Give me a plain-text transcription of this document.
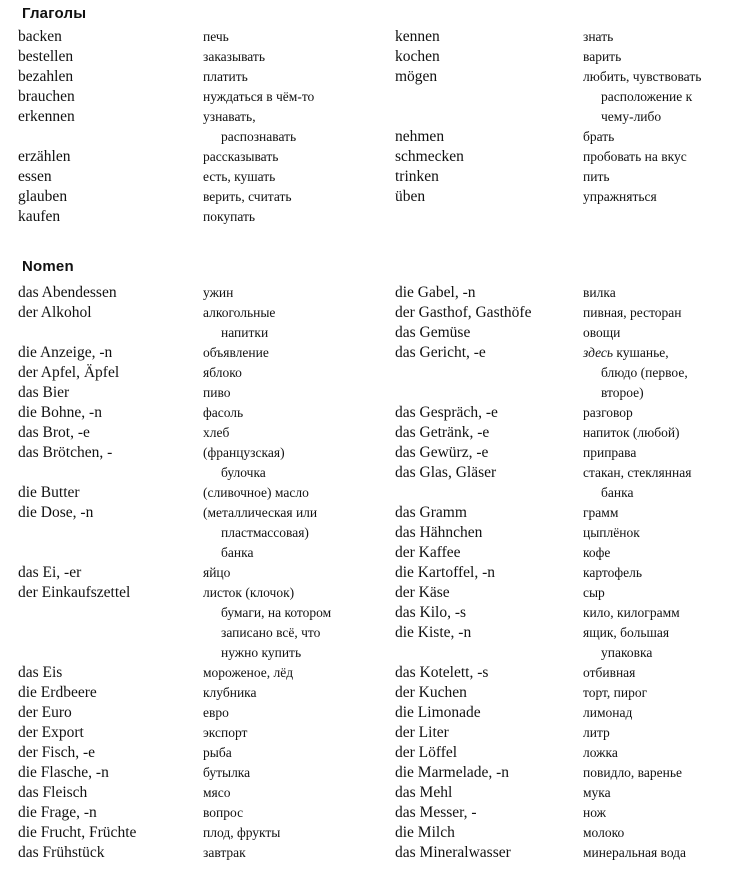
Глаголы
backen
bestellen
bezahlen
brauchen
erkennen
erzählen
essen
glauben
kaufen
печь
заказывать
платить
нуждаться в чём-то
узнавать,
распознавать
рассказывать
есть, кушать
верить, считать
покупать
kennen
kochen
mögen
nehmen
schmecken
trinken
üben
знать
варить
любить, чувствовать
расположение к
чему-либо
брать
пробовать на вкус
пить
упражняться
Nomen
das Abendessen
der Alkohol
die Anzeige, -n
der Apfel, Äpfel
das Bier
die Bohne, -n
das Brot, -e
das Brötchen, -
die Butter
die Dose, -n
das Ei, -er
der Einkaufszettel
das Eis
die Erdbeere
der Euro
der Export
der Fisch, -e
die Flasche, -n
das Fleisch
die Frage, -n
die Frucht, Früchte
das Frühstück
ужин
алкогольные
напитки
объявление
яблоко
пиво
фасоль
хлеб
(французская)
булочка
(сливочное) масло
(металлическая или
пластмассовая)
банка
яйцо
листок (клочок)
бумаги, на котором
записано всё, что
нужно купить
мороженое, лёд
клубника
евро
экспорт
рыба
бутылка
мясо
вопрос
плод, фрукты
завтрак
die Gabel, -n
der Gasthof, Gasthöfe
das Gemüse
das Gericht, -e
das Gespräch, -e
das Getränk, -e
das Gewürz, -e
das Glas, Gläser
das Gramm
das Hähnchen
der Kaffee
die Kartoffel, -n
der Käse
das Kilo, -s
die Kiste, -n
das Kotelett, -s
der Kuchen
die Limonade
der Liter
der Löffel
die Marmelade, -n
das Mehl
das Messer, -
die Milch
das Mineralwasser
вилка
пивная, ресторан
овощи
здесь кушанье,
блюдо (первое,
второе)
разговор
напиток (любой)
приправа
стакан, стеклянная
банка
грамм
цыплёнок
кофе
картофель
сыр
кило, килограмм
ящик, большая
упаковка
отбивная
торт, пирог
лимонад
литр
ложка
повидло, варенье
мука
нож
молоко
минеральная вода
